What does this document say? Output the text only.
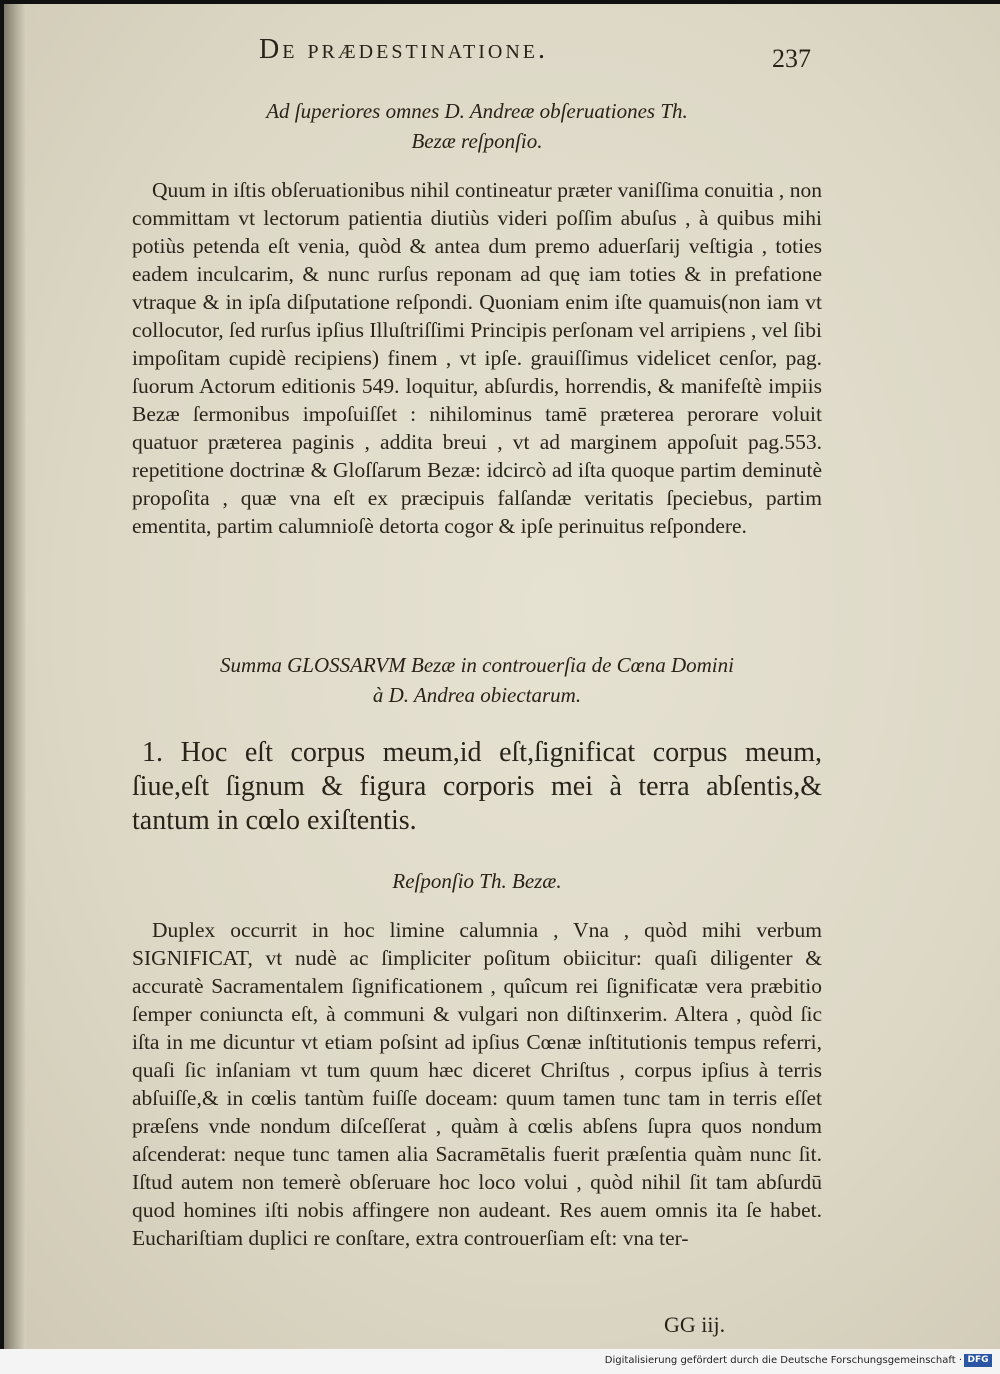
De prædestinatione.	237

Ad ſuperiores omnes D. Andreæ obſeruationes Th.

Bezæ reſponſio.

Quum in iſtis obſeruationibus nihil contineatur præter vaniſſima conuitia , non committam vt lectorum patientia diutiùs videri poſſim abuſus , à quibus mihi potiùs petenda eſt venia, quòd & antea dum premo aduerſarij veſtigia , toties eadem inculcarim, & nunc rurſus reponam ad quę iam toties & in prefatione vtraque & in ipſa diſputatione reſpondi. Quoniam enim iſte quamuis(non iam vt collocutor, ſed rurſus ipſius Illuſtriſſimi Principis perſonam vel arripiens , vel ſibi impoſitam cupidè recipiens) finem , vt ipſe. grauiſſimus videlicet cenſor, pag. ſuorum Actorum editionis 549. loquitur, abſurdis, horrendis, & manifeſtè impiis Bezæ ſermonibus impoſuiſſet : nihilominus tamē præterea perorare voluit quatuor præterea paginis , addita breui , vt ad marginem appoſuit pag.553. repetitione doctrinæ & Gloſſarum Bezæ: idcircò ad iſta quoque partim deminutè propoſita , quæ vna eſt ex præcipuis falſandæ veritatis ſpeciebus, partim ementita, partim calumnioſè detorta cogor & ipſe perinuitus reſpondere.

Summa GLOSSARVM Bezæ in controuerſia de Cœna Domini

à D. Andrea obiectarum.

1. Hoc eſt corpus meum,id eſt,ſignificat corpus meum, ſiue,eſt ſignum & figura corporis mei à terra abſentis,& tantum in cœlo exiſtentis.

Reſponſio Th. Bezæ.

Duplex occurrit in hoc limine calumnia , Vna , quòd mihi verbum SIGNIFICAT, vt nudè ac ſimpliciter poſitum obiicitur: quaſi diligenter & accuratè Sacramentalem ſignificationem , quîcum rei ſignificatæ vera præbitio ſemper coniuncta eſt, à communi & vulgari non diſtinxerim. Altera , quòd ſic iſta in me dicuntur vt etiam poſsint ad ipſius Cœnæ inſtitutionis tempus referri, quaſi ſic inſaniam vt tum quum hæc diceret Chriſtus , corpus ipſius à terris abſuiſſe,& in cœlis tantùm fuiſſe doceam: quum tamen tunc tam in terris eſſet præſens vnde nondum diſceſſerat , quàm à cœlis abſens ſupra quos nondum aſcenderat: neque tunc tamen alia Sacramētalis fuerit præſentia quàm nunc ſit. Iſtud autem non temerè obſeruare hoc loco volui , quòd nihil ſit tam abſurdū quod homines iſti nobis affingere non audeant. Res auem omnis ita ſe habet. Euchariſtiam duplici re conſtare, extra controuerſiam eſt: vna ter-

GG iij.
Digitalisierung gefördert durch die Deutsche Forschungsgemeinschaft · DFG
